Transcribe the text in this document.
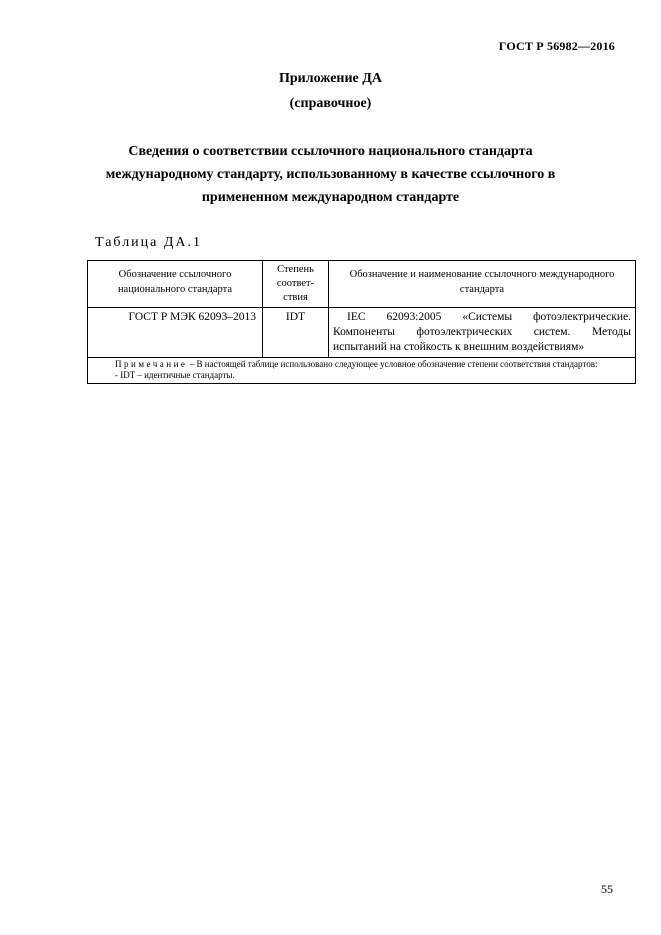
ГОСТ Р 56982—2016
Приложение ДА
(справочное)
Сведения о соответствии ссылочного национального стандарта
международному стандарту, использованному в качестве ссылочного в
примененном международном стандарте
Таблица ДА.1
Обозначение ссылочного национального стандарта	Степень соответ- ствия	Обозначение и наименование ссылочного международного стандарта
ГОСТ Р МЭК 62093–2013	IDT	IEC 62093:2005 «Системы фотоэлектрические. Компоненты фотоэлектрических систем. Методы испытаний на стойкость к внешним воздействиям»

Примечание – В настоящей таблице использовано следующее условное обозначение степени соответствия стандартов:
- IDT – идентичные стандарты.		
55
